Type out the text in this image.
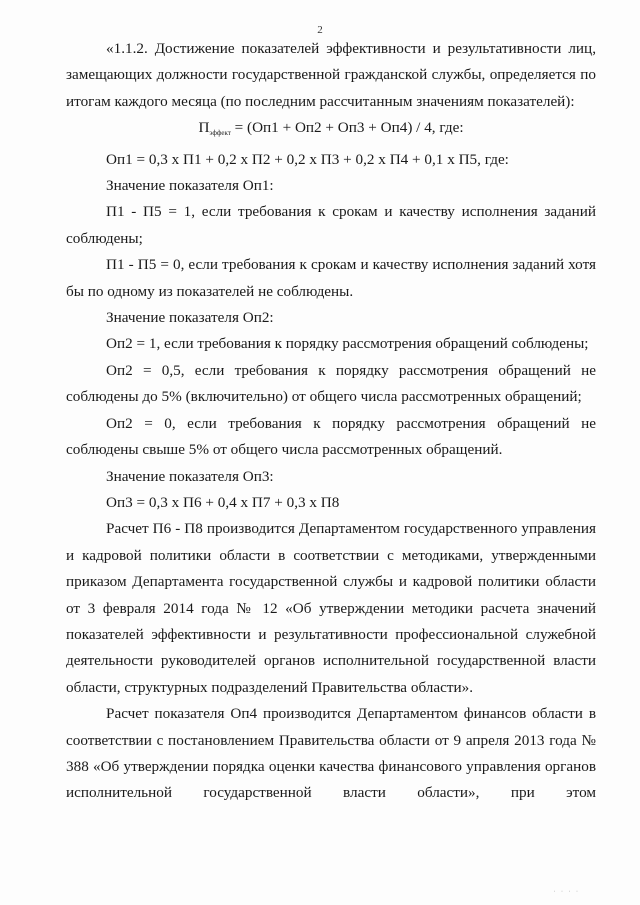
2

«1.1.2. Достижение показателей эффективности и результативности лиц, замещающих должности государственной гражданской службы, определяется по итогам каждого месяца (по последним рассчитанным значениям показателей):

$П_{эффект} = (Оп1 + Оп2 + Оп3 + Оп4) / 4$, где:

Оп1 = 0,3 х П1 + 0,2 х П2 + 0,2 х П3 + 0,2 х П4 + 0,1 х П5, где:

Значение показателя Оп1:

П1 - П5 = 1, если требования к срокам и качеству исполнения заданий соблюдены;

П1 - П5 = 0, если требования к срокам и качеству исполнения заданий хотя бы по одному из показателей не соблюдены.

Значение показателя Оп2:

Оп2 = 1, если требования к порядку рассмотрения обращений соблюдены;

Оп2 = 0,5, если требования к порядку рассмотрения обращений не соблюдены до 5% (включительно) от общего числа рассмотренных обращений;

Оп2 = 0, если требования к порядку рассмотрения обращений не соблюдены свыше 5% от общего числа рассмотренных обращений.

Значение показателя Оп3:

Оп3 = 0,3 х П6 + 0,4 х П7 + 0,3 х П8

Расчет П6 - П8 производится Департаментом государственного управления и кадровой политики области в соответствии с методиками, утвержденными приказом Департамента государственной службы и кадровой политики области от 3 февраля 2014 года № 12 «Об утверждении методики расчета значений показателей эффективности и результативности профессиональной служебной деятельности руководителей органов исполнительной государственной власти области, структурных подразделений Правительства области».

Расчет показателя Оп4 производится Департаментом финансов области в соответствии с постановлением Правительства области от 9 апреля 2013 года № 388 «Об утверждении порядка оценки качества финансового управления органов исполнительной государственной власти области», при этом

· · · ·
